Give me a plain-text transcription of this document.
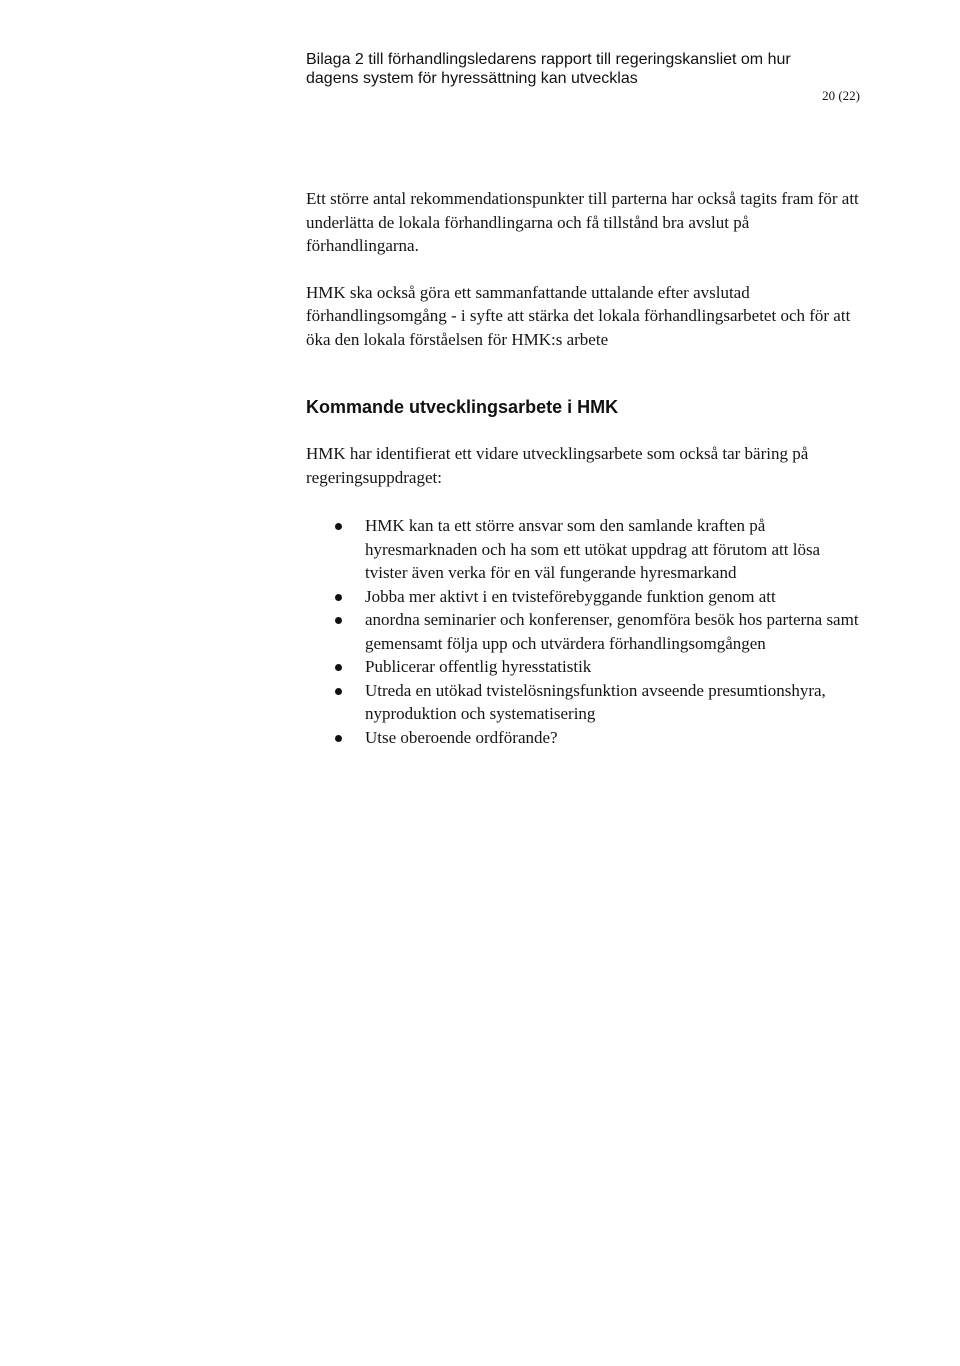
Bilaga 2 till förhandlingsledarens rapport till regeringskansliet om hur
dagens system för hyressättning kan utvecklas
20 (22)

Ett större antal rekommendationspunkter till parterna har också tagits fram för att underlätta de lokala förhandlingarna och få tillstånd bra avslut på förhandlingarna.

HMK ska också göra ett sammanfattande uttalande efter avslutad förhandlingsomgång - i syfte att stärka det lokala förhandlingsarbetet och för att öka den lokala förståelsen för HMK:s arbete

Kommande utvecklingsarbete i HMK

HMK har identifierat ett vidare utvecklingsarbete som också tar bäring på regeringsuppdraget:

HMK kan ta ett större ansvar som den samlande kraften på hyresmarknaden och ha som ett utökat uppdrag att förutom att lösa tvister även verka för en väl fungerande hyresmarkand
Jobba mer aktivt i en tvisteförebyggande funktion genom att
anordna seminarier och konferenser, genomföra besök hos parterna samt gemensamt följa upp och utvärdera förhandlingsomgången
Publicerar offentlig hyresstatistik
Utreda en utökad tvistelösningsfunktion avseende presumtionshyra, nyproduktion och systematisering
Utse oberoende ordförande?
